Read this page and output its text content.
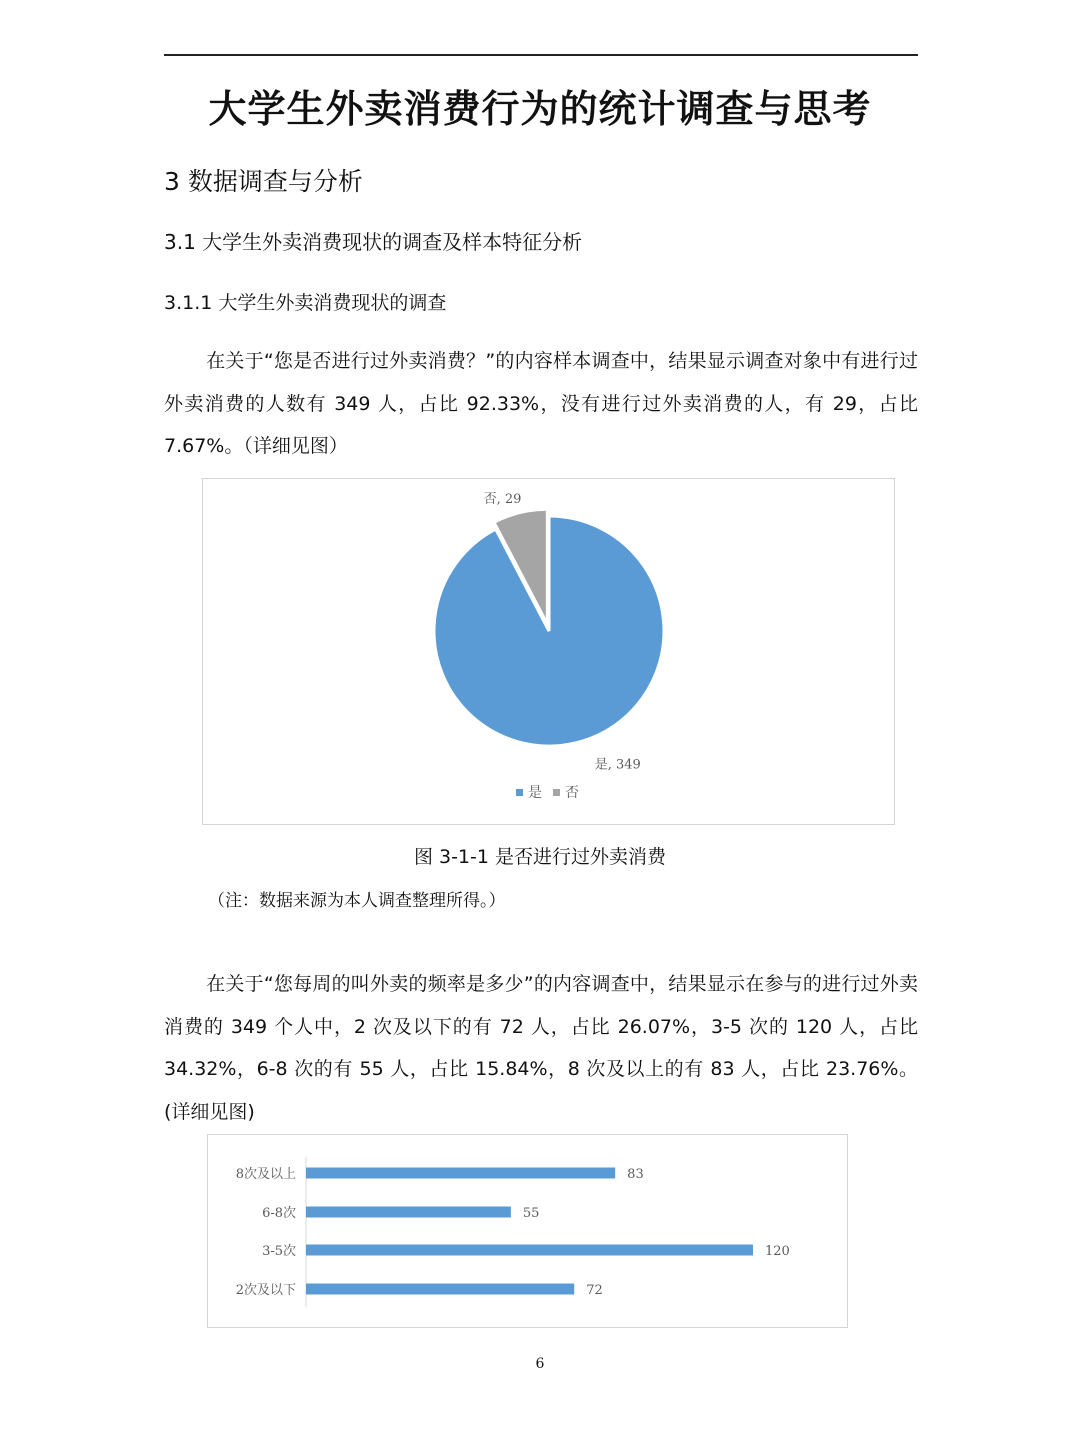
大学生外卖消费行为的统计调查与思考
3 数据调查与分析
3.1 大学生外卖消费现状的调查及样本特征分析
3.1.1 大学生外卖消费现状的调查
在关于“您是否进行过外卖消费？”的内容样本调查中，结果显示调查对象中有进行过外卖消费的人数有 349 人，占比 92.33%，没有进行过外卖消费的人，有 29，占比 7.67%。（详细见图）
是, 349
否, 29
是 否
图 3-1-1 是否进行过外卖消费
（注：数据来源为本人调查整理所得。）
在关于“您每周的叫外卖的频率是多少”的内容调查中，结果显示在参与的进行过外卖消费的 349 个人中，2 次及以下的有 72 人，占比 26.07%，3-5 次的 120 人，占比 34.32%，6-8 次的有 55 人，占比 15.84%，8 次及以上的有 83 人，占比 23.76%。(详细见图)
8次及以上	83
6-8次	55
3-5次	120
2次及以下	72
6
